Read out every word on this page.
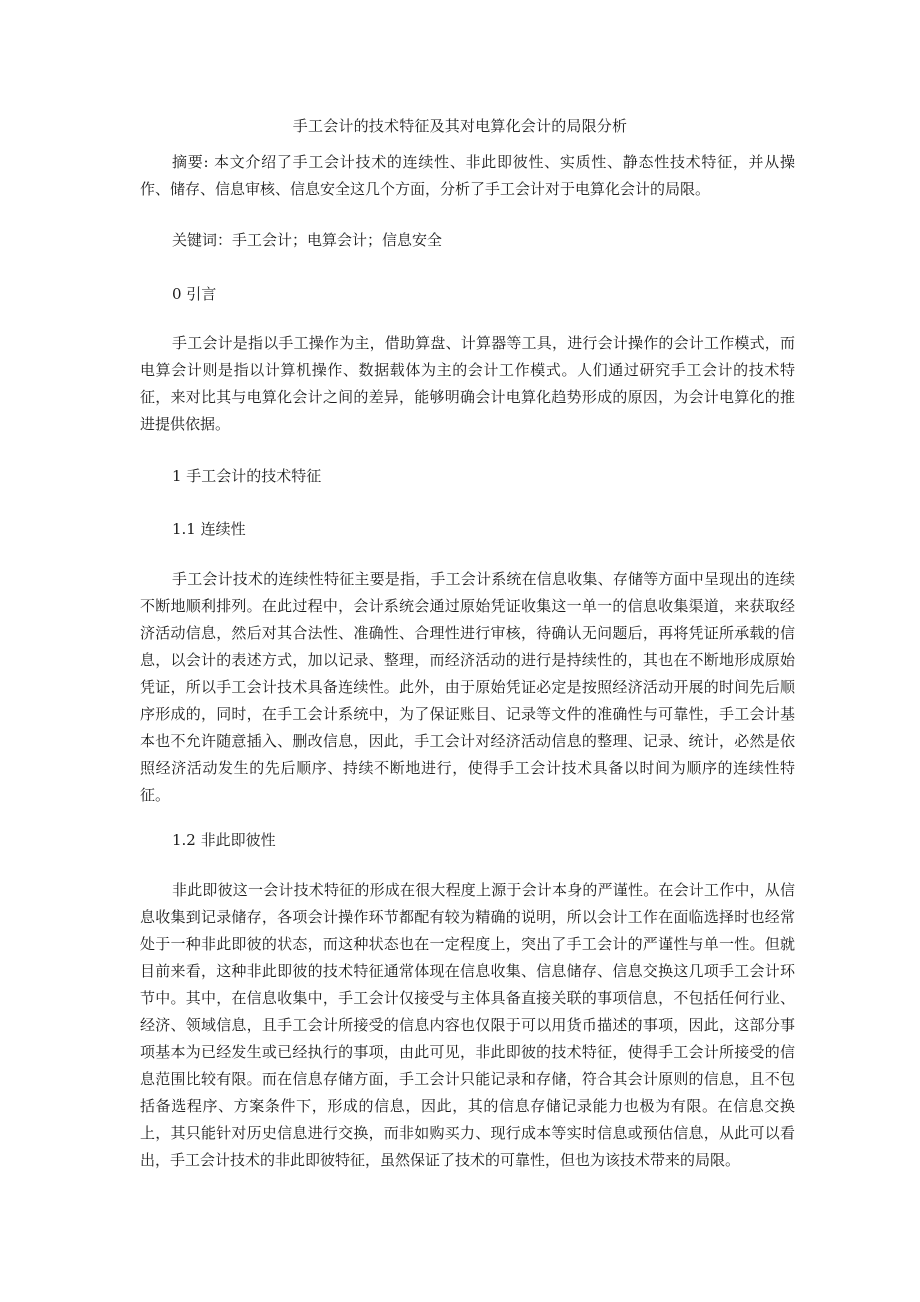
手工会计的技术特征及其对电算化会计的局限分析

摘要: 本文介绍了手工会计技术的连续性、非此即彼性、实质性、静态性技术特征，并从操作、储存、信息审核、信息安全这几个方面，分析了手工会计对于电算化会计的局限。

关键词：手工会计；电算会计；信息安全

0 引言

手工会计是指以手工操作为主，借助算盘、计算器等工具，进行会计操作的会计工作模式，而电算会计则是指以计算机操作、数据载体为主的会计工作模式。人们通过研究手工会计的技术特征，来对比其与电算化会计之间的差异，能够明确会计电算化趋势形成的原因，为会计电算化的推进提供依据。

1 手工会计的技术特征

1.1 连续性

手工会计技术的连续性特征主要是指，手工会计系统在信息收集、存储等方面中呈现出的连续不断地顺利排列。在此过程中，会计系统会通过原始凭证收集这一单一的信息收集渠道，来获取经济活动信息，然后对其合法性、准确性、合理性进行审核，待确认无问题后，再将凭证所承载的信息，以会计的表述方式，加以记录、整理，而经济活动的进行是持续性的，其也在不断地形成原始凭证，所以手工会计技术具备连续性。此外，由于原始凭证必定是按照经济活动开展的时间先后顺序形成的，同时，在手工会计系统中，为了保证账目、记录等文件的准确性与可靠性，手工会计基本也不允许随意插入、删改信息，因此，手工会计对经济活动信息的整理、记录、统计，必然是依照经济活动发生的先后顺序、持续不断地进行，使得手工会计技术具备以时间为顺序的连续性特征。

1.2 非此即彼性

非此即彼这一会计技术特征的形成在很大程度上源于会计本身的严谨性。在会计工作中，从信息收集到记录储存，各项会计操作环节都配有较为精确的说明，所以会计工作在面临选择时也经常处于一种非此即彼的状态，而这种状态也在一定程度上，突出了手工会计的严谨性与单一性。但就目前来看，这种非此即彼的技术特征通常体现在信息收集、信息储存、信息交换这几项手工会计环节中。其中，在信息收集中，手工会计仅接受与主体具备直接关联的事项信息，不包括任何行业、经济、领域信息，且手工会计所接受的信息内容也仅限于可以用货币描述的事项，因此，这部分事项基本为已经发生或已经执行的事项，由此可见，非此即彼的技术特征，使得手工会计所接受的信息范围比较有限。而在信息存储方面，手工会计只能记录和存储，符合其会计原则的信息，且不包括备选程序、方案条件下，形成的信息，因此，其的信息存储记录能力也极为有限。在信息交换上，其只能针对历史信息进行交换，而非如购买力、现行成本等实时信息或预估信息，从此可以看出，手工会计技术的非此即彼特征，虽然保证了技术的可靠性，但也为该技术带来的局限。
